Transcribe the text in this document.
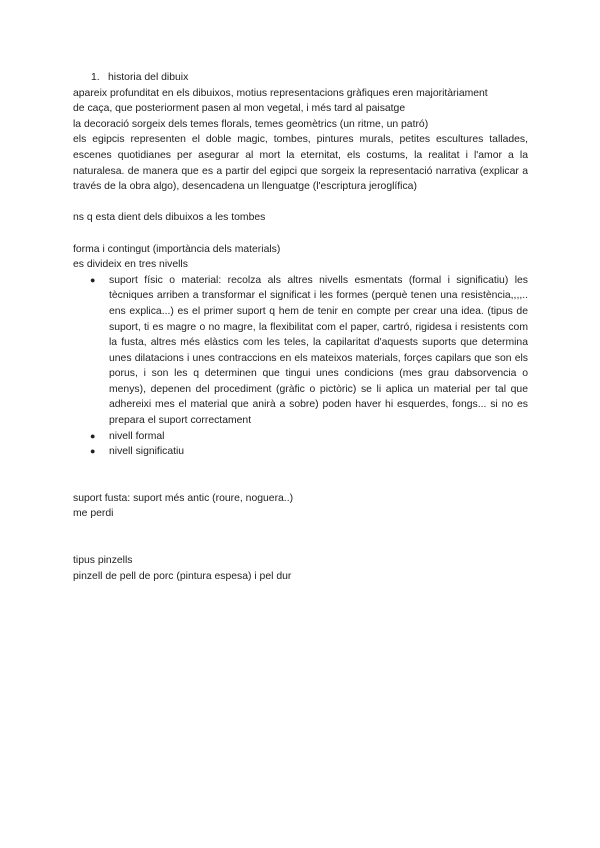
1. historia del dibuix
apareix profunditat en els dibuixos, motius representacions gràfiques eren majoritàriament
de caça, que posteriorment pasen al mon vegetal, i més tard al paisatge
la decoració sorgeix dels temes florals, temes geomètrics (un ritme, un patró)
els egipcis representen el doble magic, tombes, pintures murals, petites escultures tallades, escenes quotidianes per asegurar al mort la eternitat, els costums, la realitat i l'amor a la naturalesa. de manera que es a partir del egipci que sorgeix la representació narrativa (explicar a través de la obra algo), desencadena un llenguatge (l'escriptura jeroglífica)
ns q esta dient dels dibuixos a les tombes
forma i contingut (importància dels materials)
es divideix en tres nivells
● suport físic o material: recolza als altres nivells esmentats (formal i significatiu) les tècniques arriben a transformar el significat i les formes (perquè tenen una resistència,,,,.. ens explica...) es el primer suport q hem de tenir en compte per crear una idea. (tipus de suport, ti es magre o no magre, la flexibilitat com el paper, cartró, rigidesa i resistents com la fusta, altres més elàstics com les teles, la capilaritat d'aquests suports que determina unes dilatacions i unes contraccions en els mateixos materials, forçes capilars que son els porus, i son les q determinen que tingui unes condicions (mes grau dabsorvencia o menys), depenen del procediment (gràfic o pictòric) se li aplica un material per tal que adhereixi mes el material que anirà a sobre) poden haver hi esquerdes, fongs... si no es prepara el suport correctament
● nivell formal
● nivell significatiu
suport fusta: suport més antic (roure, noguera..)
me perdi
tipus pinzells
pinzell de pell de porc (pintura espesa) i pel dur
